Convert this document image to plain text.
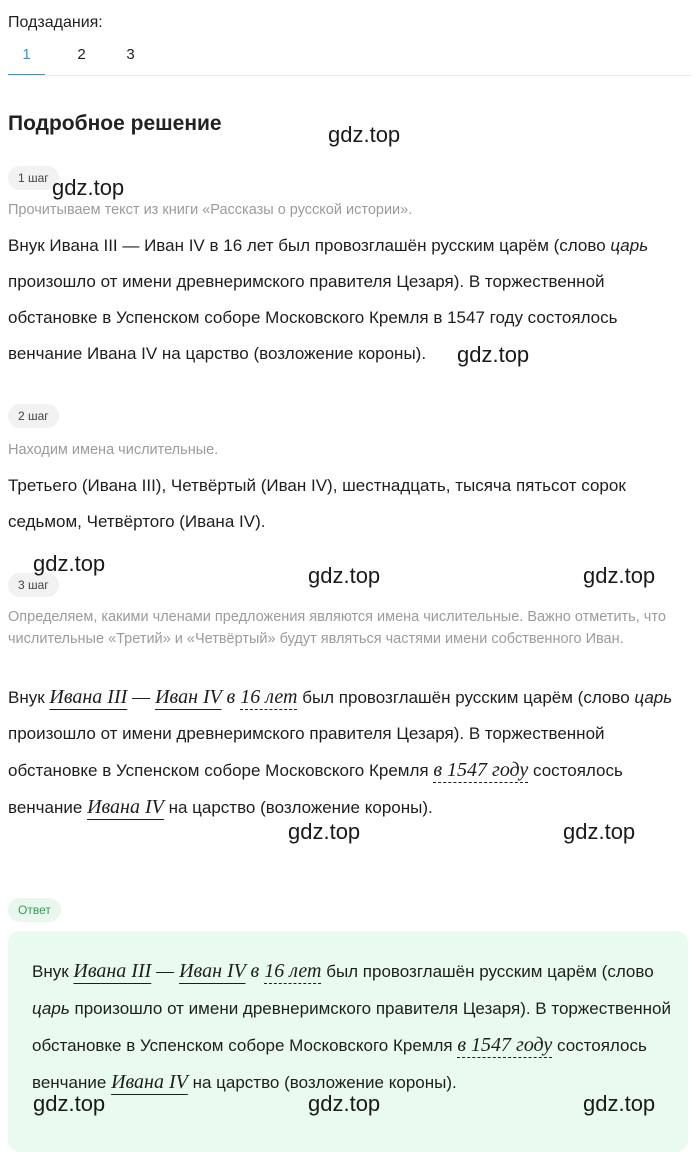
Подзадания:
1	2	3
Подробное решение
1 шаг
Прочитываем текст из книги «Рассказы о русской истории».
Внук Ивана III — Иван IV в 16 лет был провозглашён русским царём (слово царь произошло от имени древнеримского правителя Цезаря). В торжественной обстановке в Успенском соборе Московского Кремля в 1547 году состоялось венчание Ивана IV на царство (возложение короны).
2 шаг
Находим имена числительные.
Третьего (Ивана III), Четвёртый (Иван IV), шестнадцать, тысяча пятьсот сорок седьмом, Четвёртого (Ивана IV).
3 шаг
Определяем, какими членами предложения являются имена числительные. Важно отметить, что числительные «Третий» и «Четвёртый» будут являться частями имени собственного Иван.
Внук Ивана III — Иван IV в 16 лет был провозглашён русским царём (слово царь произошло от имени древнеримского правителя Цезаря). В торжественной обстановке в Успенском соборе Московского Кремля в 1547 году состоялось венчание Ивана IV на царство (возложение короны).
Ответ
Внук Ивана III — Иван IV в 16 лет был провозглашён русским царём (слово царь произошло от имени древнеримского правителя Цезаря). В торжественной обстановке в Успенском соборе Московского Кремля в 1547 году состоялось венчание Ивана IV на царство (возложение короны).
gdz.top
gdz.top
gdz.top
gdz.top	gdz.top	gdz.top
gdz.top	gdz.top
gdz.top	gdz.top	gdz.top
